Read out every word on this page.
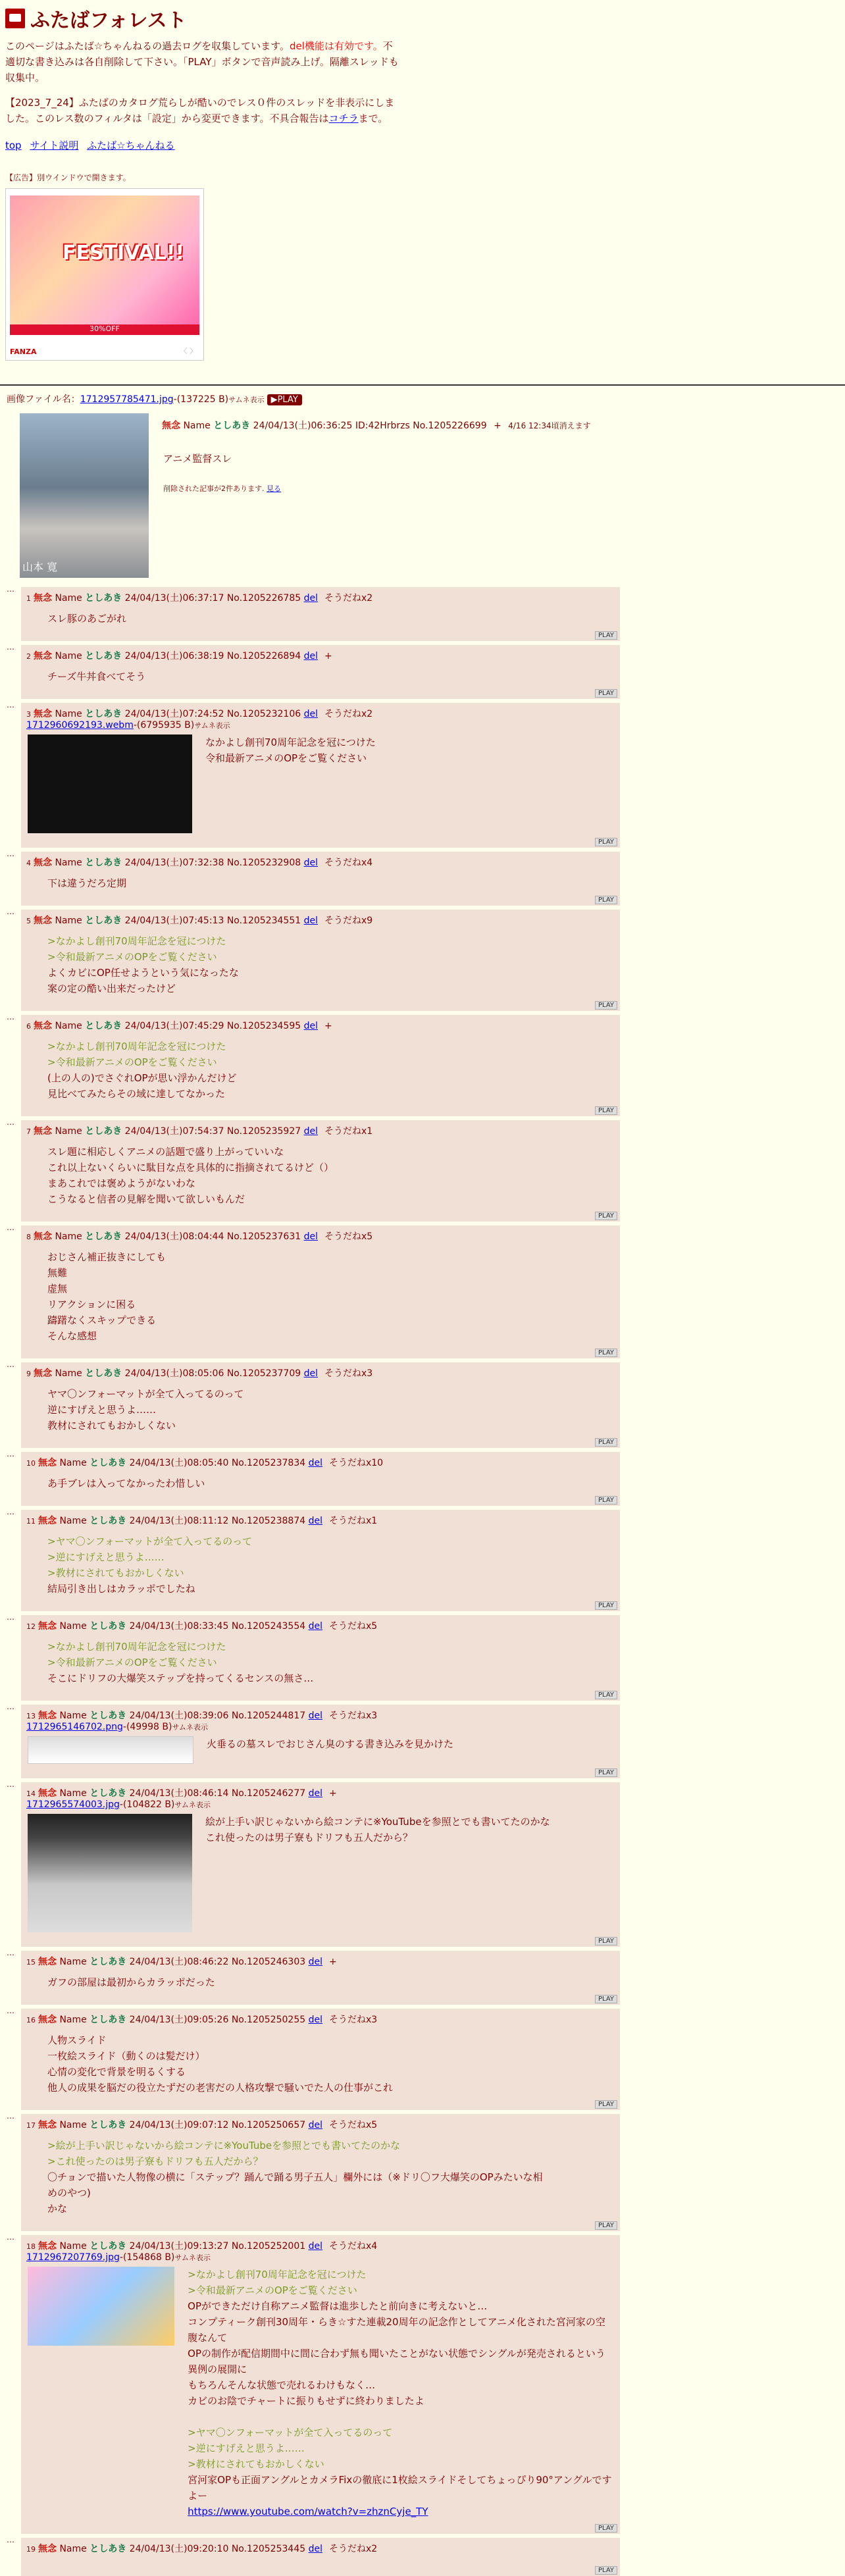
ふたばフォレスト
このページはふたば☆ちゃんねるの過去ログを収集しています。del機能は有効です。不適切な書き込みは各自削除して下さい。「PLAY」ボタンで音声読み上げ。隔離スレッドも収集中。
【2023_7_24】ふたばのカタログ荒らしが酷いのでレス０件のスレッドを非表示にしました。このレス数のフィルタは「設定」から変更できます。不具合報告はコチラまで。
top サイト説明 ふたば☆ちゃんねる
【広告】別ウインドウで開きます。
FESTIVAL!!
30%OFF
FANZA	〈 〉
画像ファイル名：1712957785471.jpg-(137225 B)サムネ表示 ▶PLAY
山本 寛
無念 Name としあき 24/04/13(土)06:36:25 ID:42Hrbrzs No.1205226699 + 4/16 12:34頃消えます
アニメ監督スレ
削除された記事が2件あります. 見る
…
1 無念 Name としあき 24/04/13(土)06:37:17 No.1205226785 del そうだねx2
スレ豚のあごがれ
PLAY
…
2 無念 Name としあき 24/04/13(土)06:38:19 No.1205226894 del +
チーズ牛丼食べてそう
PLAY
…
3 無念 Name としあき 24/04/13(土)07:24:52 No.1205232106 del そうだねx2
1712960692193.webm-(6795935 B)サムネ表示
なかよし創刊70周年記念を冠につけた
令和最新アニメのOPをご覧ください
PLAY
…
4 無念 Name としあき 24/04/13(土)07:32:38 No.1205232908 del そうだねx4
下は違うだろ定期
PLAY
…
5 無念 Name としあき 24/04/13(土)07:45:13 No.1205234551 del そうだねx9
>なかよし創刊70周年記念を冠につけた
>令和最新アニメのOPをご覧ください
よくカビにOP任せようという気になったな
案の定の酷い出来だったけど
PLAY
…
6 無念 Name としあき 24/04/13(土)07:45:29 No.1205234595 del +
>なかよし創刊70周年記念を冠につけた
>令和最新アニメのOPをご覧ください
(上の人の)でさぐれOPが思い浮かんだけど
見比べてみたらその域に達してなかった
PLAY
…
7 無念 Name としあき 24/04/13(土)07:54:37 No.1205235927 del そうだねx1
スレ題に相応しくアニメの話題で盛り上がっていいな
これ以上ないくらいに駄目な点を具体的に指摘されてるけど（）
まあこれでは褒めようがないわな
こうなると信者の見解を聞いて欲しいもんだ
PLAY
…
8 無念 Name としあき 24/04/13(土)08:04:44 No.1205237631 del そうだねx5
おじさん補正抜きにしても
無難
虚無
リアクションに困る
躊躇なくスキップできる
そんな感想
PLAY
…
9 無念 Name としあき 24/04/13(土)08:05:06 No.1205237709 del そうだねx3
ヤマ〇ンフォーマットが全て入ってるのって
逆にすげえと思うよ……
教材にされてもおかしくない
PLAY
…
10 無念 Name としあき 24/04/13(土)08:05:40 No.1205237834 del そうだねx10
あ手ブレは入ってなかったわ惜しい
PLAY
…
11 無念 Name としあき 24/04/13(土)08:11:12 No.1205238874 del そうだねx1
>ヤマ〇ンフォーマットが全て入ってるのって
>逆にすげえと思うよ……
>教材にされてもおかしくない
結局引き出しはカラッポでしたね
PLAY
…
12 無念 Name としあき 24/04/13(土)08:33:45 No.1205243554 del そうだねx5
>なかよし創刊70周年記念を冠につけた
>令和最新アニメのOPをご覧ください
そこにドリフの大爆笑ステップを持ってくるセンスの無さ…
PLAY
…
13 無念 Name としあき 24/04/13(土)08:39:06 No.1205244817 del そうだねx3
1712965146702.png-(49998 B)サムネ表示
火垂るの墓スレでおじさん臭のする書き込みを見かけた
PLAY
…
14 無念 Name としあき 24/04/13(土)08:46:14 No.1205246277 del +
1712965574003.jpg-(104822 B)サムネ表示
絵が上手い訳じゃないから絵コンテに※YouTubeを参照とでも書いてたのかな
これ使ったのは男子寮もドリフも五人だから？
PLAY
…
15 無念 Name としあき 24/04/13(土)08:46:22 No.1205246303 del +
ガフの部屋は最初からカラッポだった
PLAY
…
16 無念 Name としあき 24/04/13(土)09:05:26 No.1205250255 del そうだねx3
人物スライド
一枚絵スライド（動くのは髪だけ）
心情の変化で背景を明るくする
他人の成果を脳だの役立たずだの老害だの人格攻撃で騒いでた人の仕事がこれ
PLAY
…
17 無念 Name としあき 24/04/13(土)09:07:12 No.1205250657 del そうだねx5
>絵が上手い訳じゃないから絵コンテに※YouTubeを参照とでも書いてたのかな
>これ使ったのは男子寮もドリフも五人だから？
〇チョンで描いた人物像の横に「ステップ？踊んで踊る男子五人」欄外には（※ドリ〇フ大爆笑のOPみたいな相
めのやつ)
かな
PLAY
…
18 無念 Name としあき 24/04/13(土)09:13:27 No.1205252001 del そうだねx4
1712967207769.jpg-(154868 B)サムネ表示
>なかよし創刊70周年記念を冠につけた
>令和最新アニメのOPをご覧ください
OPができただけ自称アニメ監督は進歩したと前向きに考えないと…
コンプティーク創刊30周年・らき☆すた連載20周年の記念作としてアニメ化された宮河家の空腹なんて
OPの制作が配信期間中に間に合わず無も聞いたことがない状態でシングルが発売されるという異例の展開に
もちろんそんな状態で売れるわけもなく…
カビのお陰でチャートに振りもせずに終わりましたよ

>ヤマ〇ンフォーマットが全て入ってるのって
>逆にすげえと思うよ……
>教材にされてもおかしくない
宮河家OPも正面アングルとカメラFixの徹底に1枚絵スライドそしてちょっぴり90°アングルですよー
https://www.youtube.com/watch?v=zhznCyje_TY
PLAY
…
19 無念 Name としあき 24/04/13(土)09:20:10 No.1205253445 del そうだねx2
PLAY
